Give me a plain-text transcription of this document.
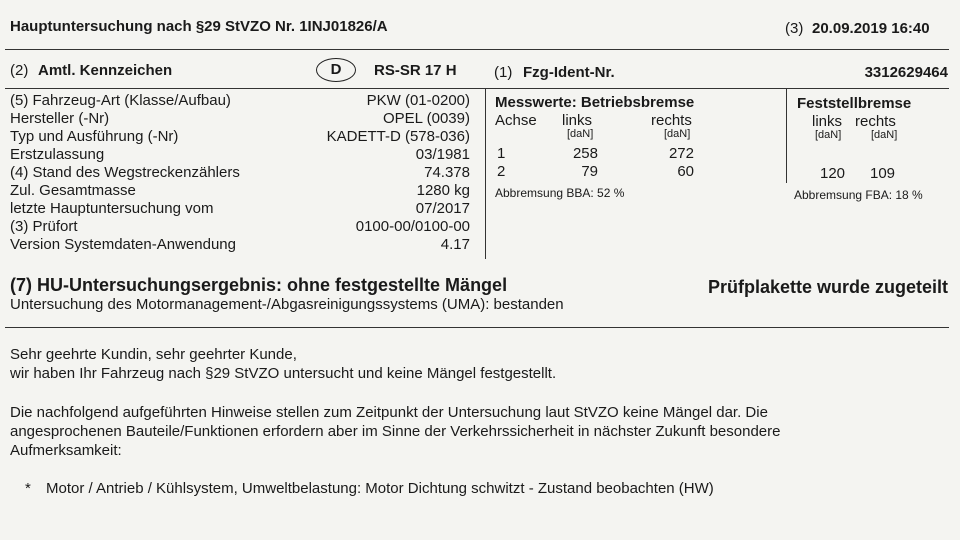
Hauptuntersuchung nach §29 StVZO Nr. 1INJ01826/A	(3) 20.09.2019 16:40
(2) Amtl. Kennzeichen	D	RS-SR 17 H (1) Fzg-Ident-Nr.	3312629464
(5) Fahrzeug-Art (Klasse/Aufbau)	PKW (01-0200)
Hersteller (-Nr)	OPEL (0039)
Typ und Ausführung (-Nr)	KADETT-D (578-036)
Erstzulassung	03/1981
(4) Stand des Wegstreckenzählers	74.378
Zul. Gesamtmasse	1280 kg
letzte Hauptuntersuchung vom	07/2017
(3) Prüfort	0100-00/0100-00
Version Systemdaten-Anwendung	4.17
Messwerte: Betriebsbremse
Achse links	rechts
[daN]	[daN]
1	258	272
2	79	60
Abbremsung BBA: 52 %
Feststellbremse
links rechts
[daN]	[daN]
120 109
Abbremsung FBA: 18 %
(7) HU-Untersuchungsergebnis: ohne festgestellte Mängel	Prüfplakette wurde zugeteilt
Untersuchung des Motormanagement-/Abgasreinigungssystems (UMA): bestanden
Sehr geehrte Kundin, sehr geehrter Kunde,
wir haben Ihr Fahrzeug nach §29 StVZO untersucht und keine Mängel festgestellt.
Die nachfolgend aufgeführten Hinweise stellen zum Zeitpunkt der Untersuchung laut StVZO keine Mängel dar. Die
angesprochenen Bauteile/Funktionen erfordern aber im Sinne der Verkehrssicherheit in nächster Zukunft besondere
Aufmerksamkeit:
* Motor / Antrieb / Kühlsystem, Umweltbelastung: Motor Dichtung schwitzt - Zustand beobachten (HW)
